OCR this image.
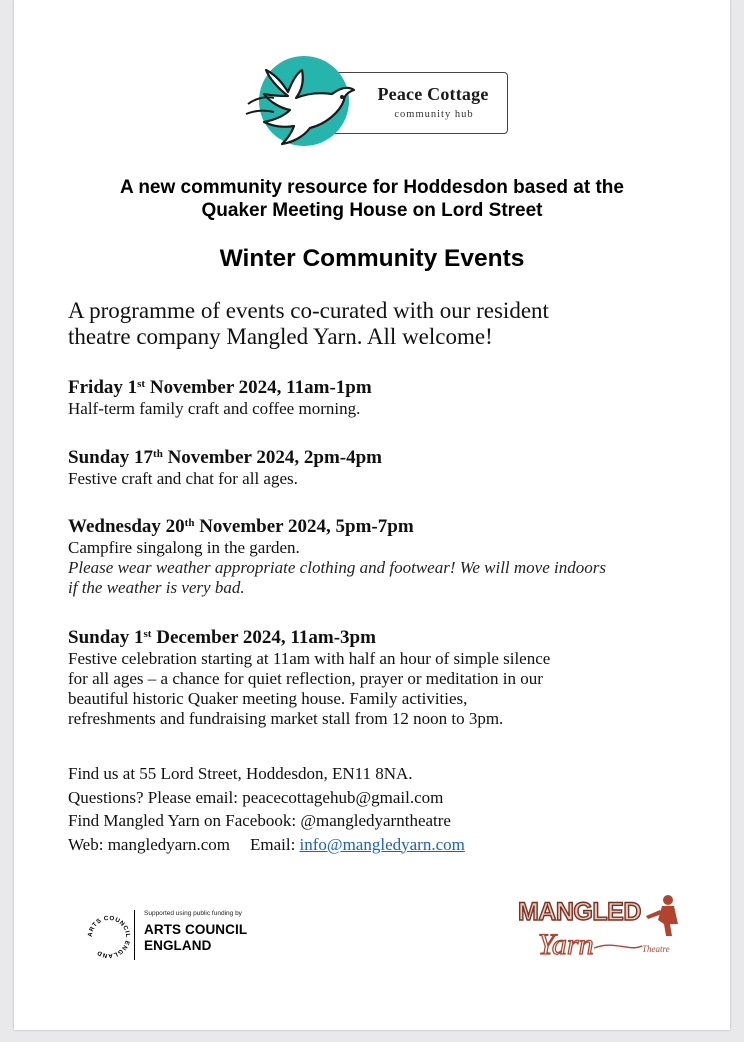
Peace Cottage
community hub
A new community resource for Hoddesdon based at the
Quaker Meeting House on Lord Street
Winter Community Events
A programme of events co-curated with our resident
theatre company Mangled Yarn. All welcome!
Friday 1st November 2024, 11am-1pm
Half-term family craft and coffee morning.
Sunday 17th November 2024, 2pm-4pm
Festive craft and chat for all ages.
Wednesday 20th November 2024, 5pm-7pm
Campfire singalong in the garden.
Please wear weather appropriate clothing and footwear! We will move indoors
if the weather is very bad.
Sunday 1st December 2024, 11am-3pm
Festive celebration starting at 11am with half an hour of simple silence
for all ages – a chance for quiet reflection, prayer or meditation in our
beautiful historic Quaker meeting house. Family activities,
refreshments and fundraising market stall from 12 noon to 3pm.
Find us at 55 Lord Street, Hoddesdon, EN11 8NA.
Questions? Please email: peacecottagehub@gmail.com
Find Mangled Yarn on Facebook: @mangledyarntheatre
Web: mangledyarn.com Email: info@mangledyarn.com
ARTS COUNCIL ENGLAND
Supported using public funding by
ARTS COUNCIL
ENGLAND
MANGLED
Yarn	Theatre
